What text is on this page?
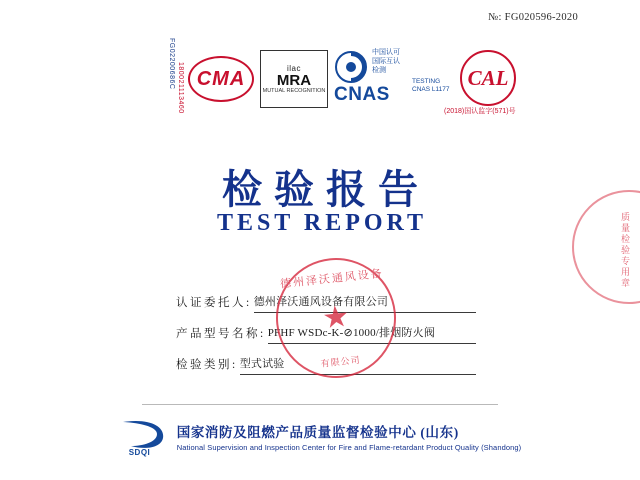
№: FG020596-2020
FG02200686C 180021113460 CMA	ilac
MRA
MUTUAL RECOGNITION
中国认可
国际互认
检测
CNAS
TESTING
CNAS L1177 CAL
(2018)国认监字(571)号
检验报告
TEST REPORT	质量检验专用章
认证委托人: 德州泽沃通风设备有限公司
产品型号名称: PFHF WSDc-K-⊘1000/排烟防火阀
检验类别: 型式试验
德州泽沃通风设备
★
有限公司
SDQI
国家消防及阻燃产品质量监督检验中心 (山东)
National Supervision and Inspection Center for Fire and Flame-retardant Product Quality (Shandong)
